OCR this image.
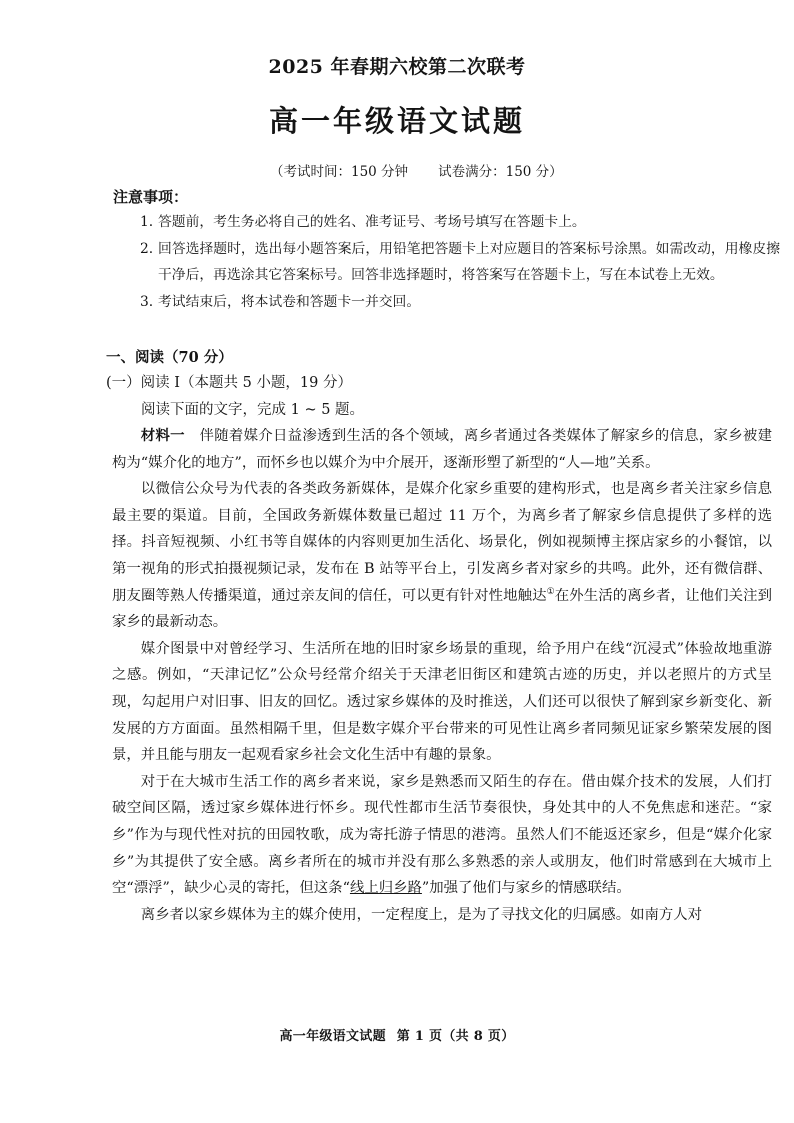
2025 年春期六校第二次联考
高一年级语文试题
（考试时间：150 分钟 试卷满分：150 分）
注意事项：
1. 答题前，考生务必将自己的姓名、准考证号、考场号填写在答题卡上。
2. 回答选择题时，选出每小题答案后，用铅笔把答题卡上对应题目的答案标号涂黑。如需改动，用橡皮擦干净后，再选涂其它答案标号。回答非选择题时，将答案写在答题卡上，写在本试卷上无效。
3. 考试结束后，将本试卷和答题卡一并交回。
一、阅读（70 分）
(一）阅读 I（本题共 5 小题，19 分）
阅读下面的文字，完成 1 ~ 5 题。

材料一　伴随着媒介日益渗透到生活的各个领域，离乡者通过各类媒体了解家乡的信息，家乡被建构为“媒介化的地方”，而怀乡也以媒介为中介展开，逐渐形塑了新型的“人—地”关系。

以微信公众号为代表的各类政务新媒体，是媒介化家乡重要的建构形式，也是离乡者关注家乡信息最主要的渠道。目前，全国政务新媒体数量已超过 11 万个，为离乡者了解家乡信息提供了多样的选择。抖音短视频、小红书等自媒体的内容则更加生活化、场景化，例如视频博主探店家乡的小餐馆，以第一视角的形式拍摄视频记录，发布在 B 站等平台上，引发离乡者对家乡的共鸣。此外，还有微信群、朋友圈等熟人传播渠道，通过亲友间的信任，可以更有针对性地触达①在外生活的离乡者，让他们关注到家乡的最新动态。

媒介图景中对曾经学习、生活所在地的旧时家乡场景的重现，给予用户在线“沉浸式”体验故地重游之感。例如，“天津记忆”公众号经常介绍关于天津老旧街区和建筑古迹的历史，并以老照片的方式呈现，勾起用户对旧事、旧友的回忆。透过家乡媒体的及时推送，人们还可以很快了解到家乡新变化、新发展的方方面面。虽然相隔千里，但是数字媒介平台带来的可见性让离乡者同频见证家乡繁荣发展的图景，并且能与朋友一起观看家乡社会文化生活中有趣的景象。

对于在大城市生活工作的离乡者来说，家乡是熟悉而又陌生的存在。借由媒介技术的发展，人们打破空间区隔，透过家乡媒体进行怀乡。现代性都市生活节奏很快，身处其中的人不免焦虑和迷茫。“家乡”作为与现代性对抗的田园牧歌，成为寄托游子情思的港湾。虽然人们不能返还家乡，但是“媒介化家乡”为其提供了安全感。离乡者所在的城市并没有那么多熟悉的亲人或朋友，他们时常感到在大城市上空“漂浮”，缺少心灵的寄托，但这条“线上归乡路”加强了他们与家乡的情感联结。

离乡者以家乡媒体为主的媒介使用，一定程度上，是为了寻找文化的归属感。如南方人对

高一年级语文试题 第 1 页（共 8 页）
